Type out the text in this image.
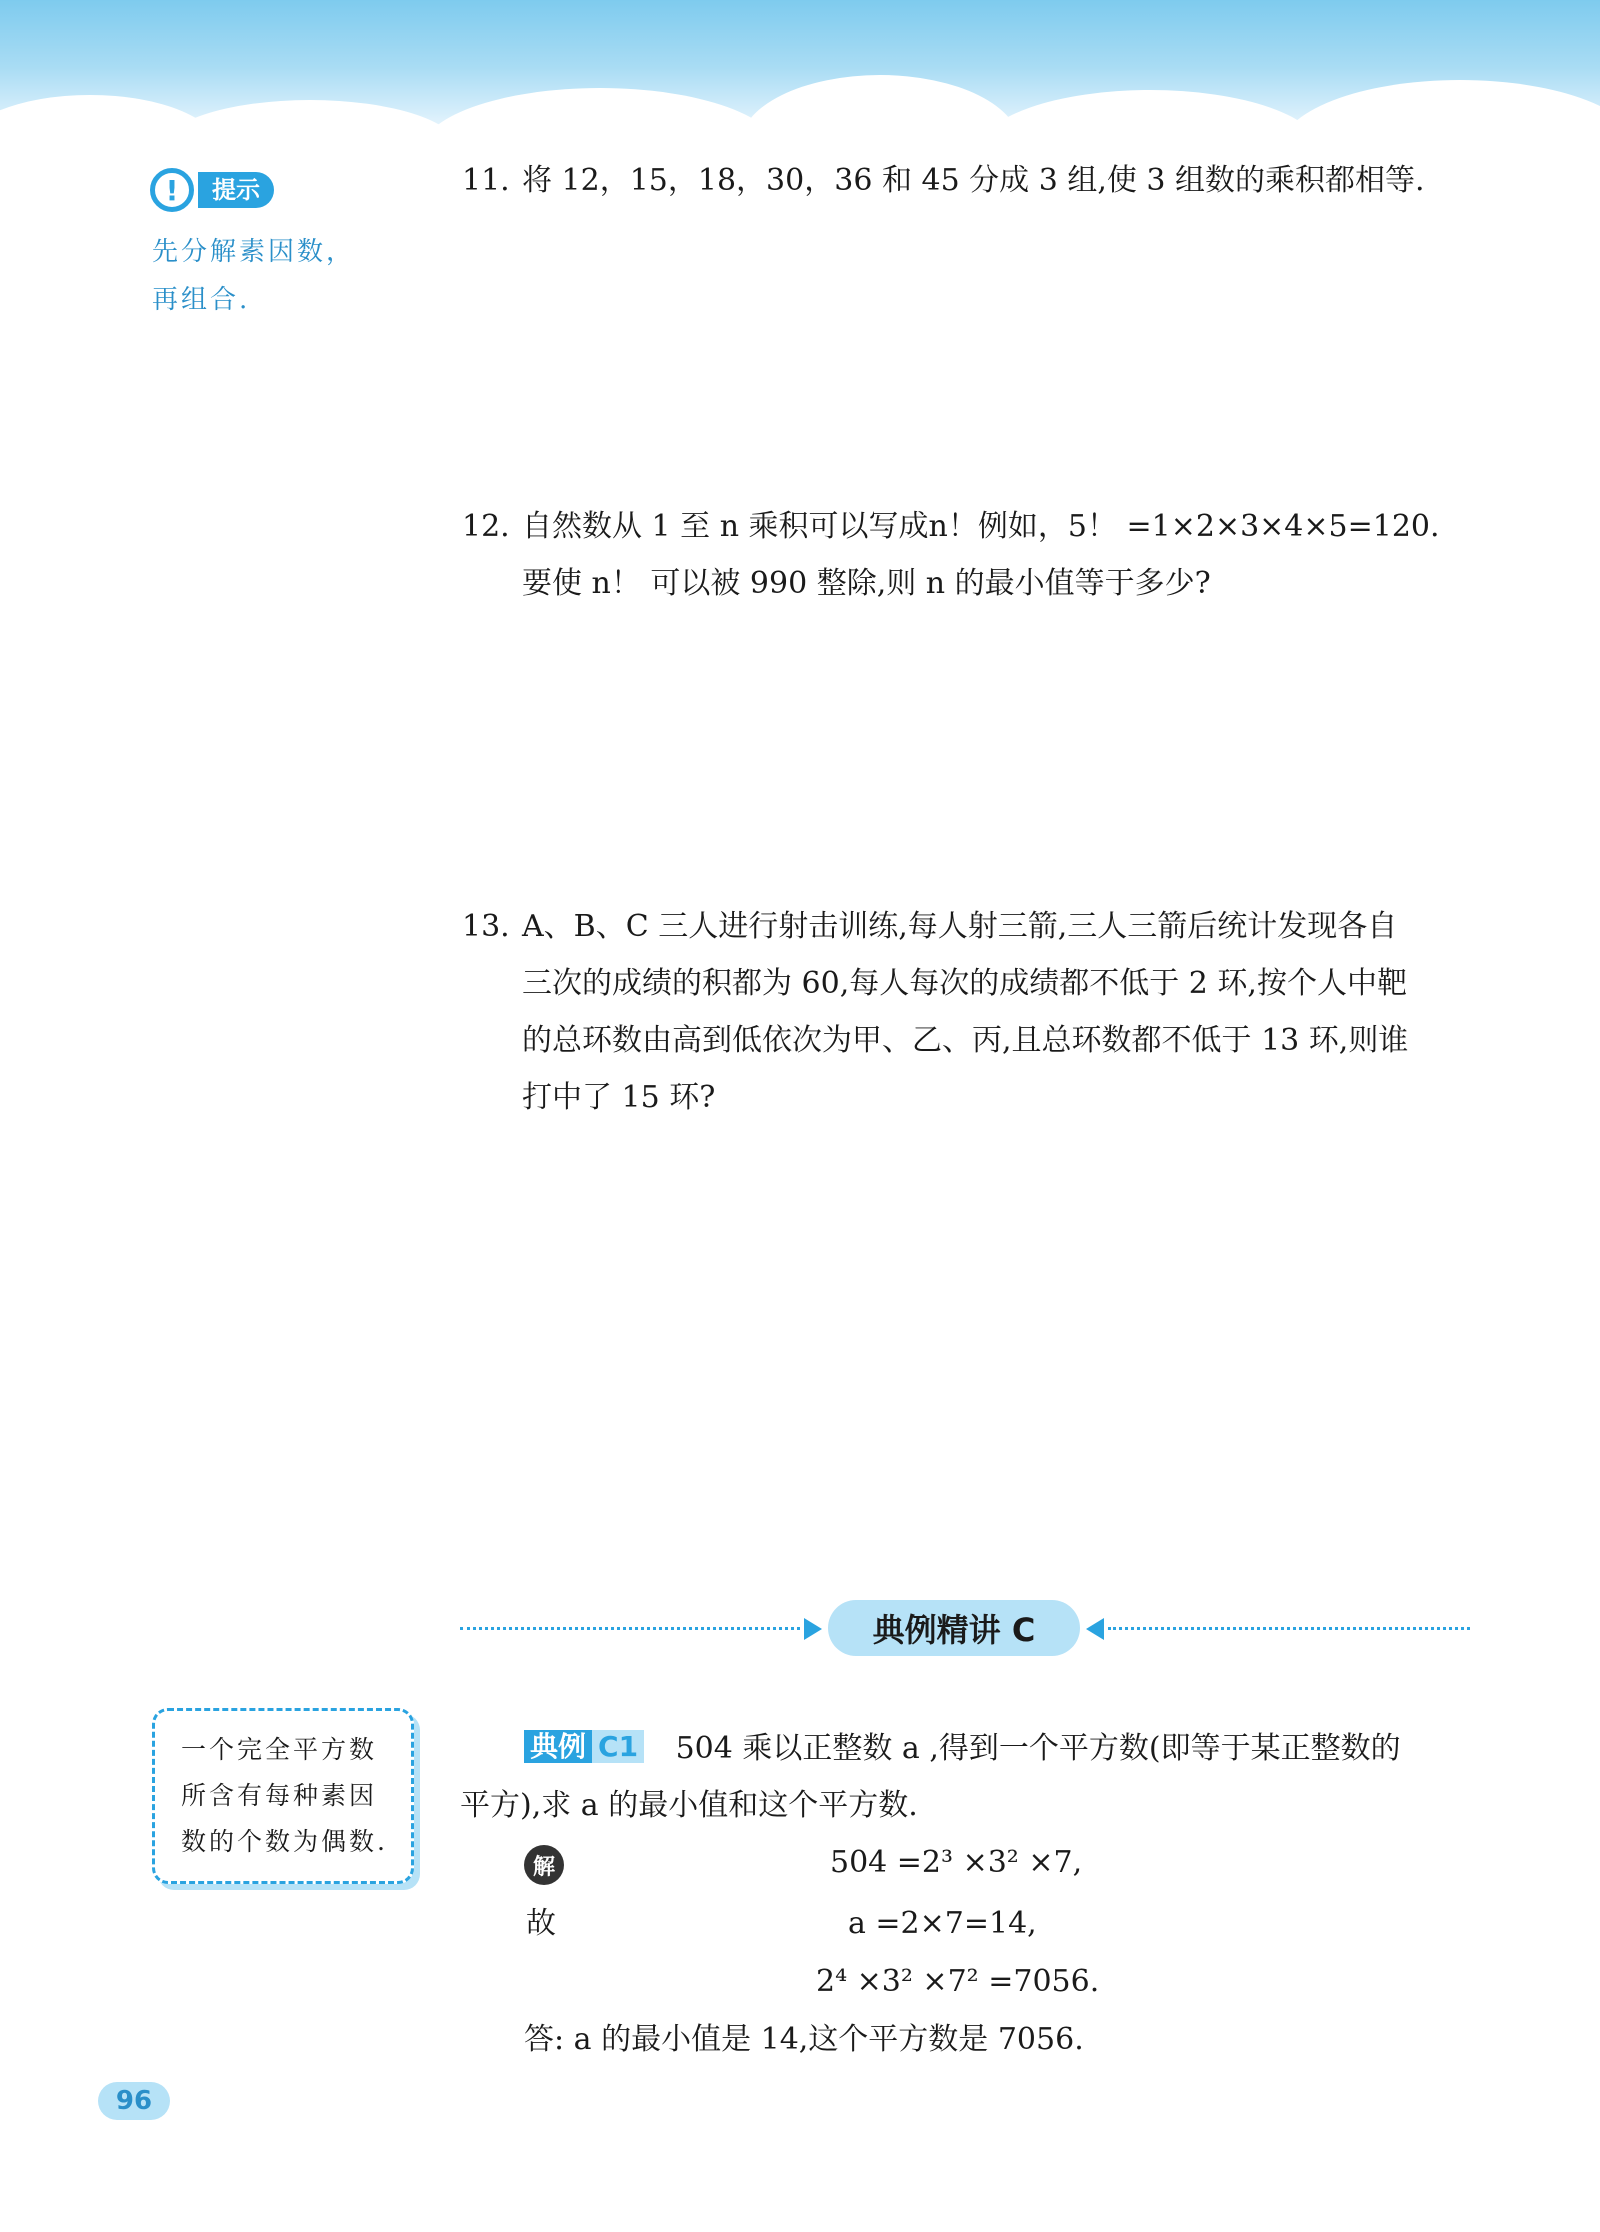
!	提示
先分解素因数，
再组合.
11. 将 12，15，18，30，36 和 45 分成 3 组,使 3 组数的乘积都相等.
12. 自然数从 1 至 n 乘积可以写成n！例如，5！ =1×2×3×4×5=120.
要使 n！ 可以被 990 整除,则 n 的最小值等于多少?
13. A、B、C 三人进行射击训练,每人射三箭,三人三箭后统计发现各自
三次的成绩的积都为 60,每人每次的成绩都不低于 2 环,按个人中靶
的总环数由高到低依次为甲、乙、丙,且总环数都不低于 13 环,则谁
打中了 15 环?
典例精讲 C
一个完全平方数
所含有每种素因
数的个数为偶数.
典例 C1 504 乘以正整数 a ,得到一个平方数(即等于某正整数的
平方),求 a 的最小值和这个平方数.
解	504 =2³ ×3² ×7,
故	a =2×7=14,
2⁴ ×3² ×7² =7056.
答: a 的最小值是 14,这个平方数是 7056.
96
